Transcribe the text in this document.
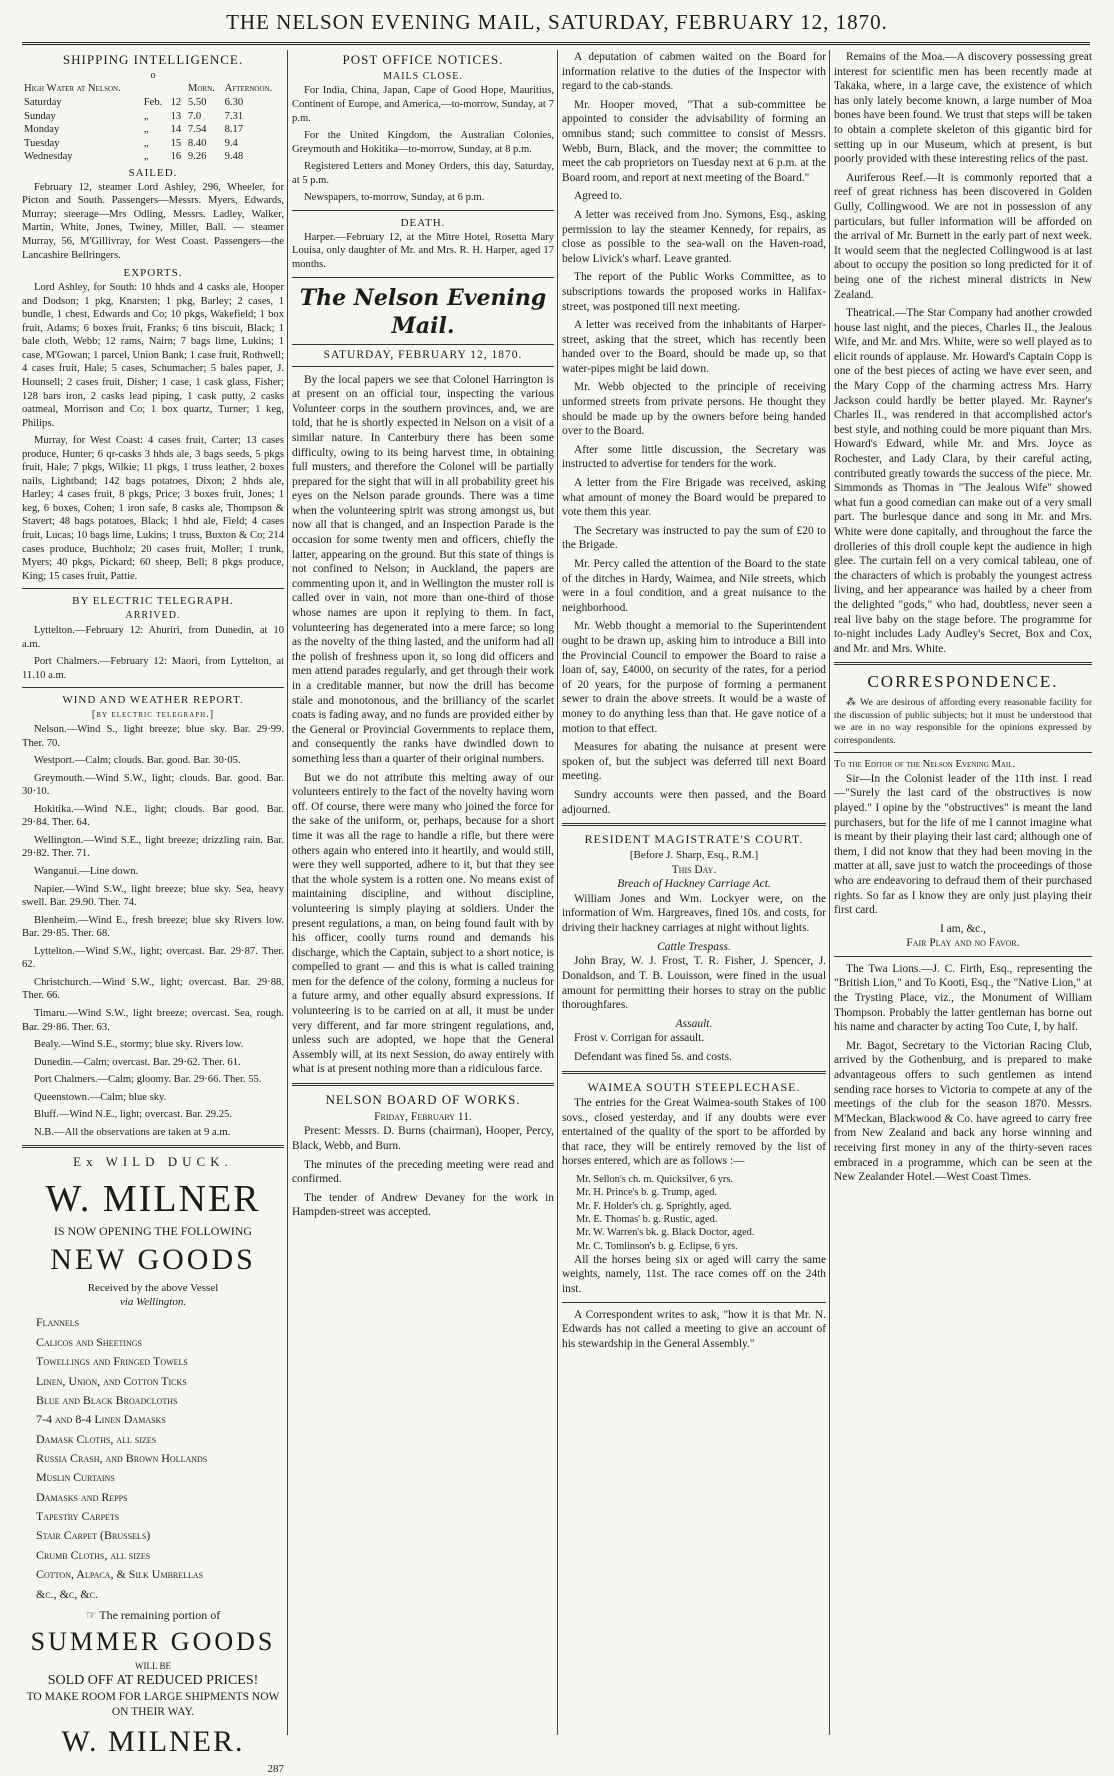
THE NELSON EVENING MAIL, SATURDAY, FEBRUARY 12, 1870.
SHIPPING INTELLIGENCE.
o
High Water at Nelson.			Morn.	Afternoon.
Saturday	Feb.	12	5.50	6.30
Sunday	„	13	7.0	7.31
Monday	„	14	7.54	8.17
Tuesday	„	15	8.40	9.4
Wednesday	„	16	9.26	9.48
SAILED.

February 12, steamer Lord Ashley, 296, Wheeler, for Picton and South. Passengers—Messrs. Myers, Edwards, Murray; steerage—Mrs Odling, Messrs. Ladley, Walker, Martin, White, Jones, Twiney, Miller, Ball. — steamer Murray, 56, M'Gillivray, for West Coast. Passengers—the Lancashire Bellringers.

EXPORTS.

Lord Ashley, for South: 10 hhds and 4 casks ale, Hooper and Dodson; 1 pkg, Knarsten; 1 pkg, Barley; 2 cases, 1 bundle, 1 chest, Edwards and Co; 10 pkgs, Wakefield; 1 box fruit, Adams; 6 boxes fruit, Franks; 6 tins biscuit, Black; 1 bale cloth, Webb; 12 rams, Nairn; 7 bags lime, Lukins; 1 case, M'Gowan; 1 parcel, Union Bank; 1 case fruit, Rothwell; 4 cases fruit, Hale; 5 cases, Schumacher; 5 bales paper, J. Hounsell; 2 cases fruit, Disher; 1 case, 1 cask glass, Fisher; 128 bars iron, 2 casks lead piping, 1 cask putty, 2 casks oatmeal, Morrison and Co; 1 box quartz, Turner; 1 keg, Philips.

Murray, for West Coast: 4 cases fruit, Carter; 13 cases produce, Hunter; 6 qr-casks 3 hhds ale, 3 bags seeds, 5 pkgs fruit, Hale; 7 pkgs, Wilkie; 11 pkgs, 1 truss leather, 2 boxes nails, Lightband; 142 bags potatoes, Dixon; 2 hhds ale, Harley; 4 cases fruit, 8 pkgs, Price; 3 boxes fruit, Jones; 1 keg, 6 boxes, Cohen; 1 iron safe, 8 casks ale, Thompson & Stavert; 48 bags potatoes, Black; 1 hhd ale, Field; 4 cases fruit, Lucas; 10 bags lime, Lukins; 1 truss, Buxton & Co; 214 cases produce, Buchholz; 20 cases fruit, Moller; 1 trunk, Myers; 40 pkgs, Pickard; 60 sheep, Bell; 8 pkgs produce, King; 15 cases fruit, Pattie.

BY ELECTRIC TELEGRAPH.
ARRIVED.

Lyttelton.—February 12: Ahuriri, from Dunedin, at 10 a.m.

Port Chalmers.—February 12: Maori, from Lyttelton, at 11.10 a.m.

WIND AND WEATHER REPORT.
[by electric telegraph.]

Nelson.—Wind S., light breeze; blue sky. Bar. 29·99. Ther. 70.

Westport.—Calm; clouds. Bar. good. Bar. 30·05.

Greymouth.—Wind S.W., light; clouds. Bar. good. Bar. 30·10.

Hokitika.—Wind N.E., light; clouds. Bar good. Bar. 29·84. Ther. 64.

Wellington.—Wind S.E., light breeze; drizzling rain. Bar. 29·82. Ther. 71.

Wanganui.—Line down.

Napier.—Wind S.W., light breeze; blue sky. Sea, heavy swell. Bar. 29.90. Ther. 74.

Blenheim.—Wind E., fresh breeze; blue sky Rivers low. Bar. 29·85. Ther. 68.

Lyttelton.—Wind S.W., light; overcast. Bar. 29·87. Ther. 62.

Christchurch.—Wind S.W., light; overcast. Bar. 29·88. Ther. 66.

Timaru.—Wind S.W., light breeze; overcast. Sea, rough. Bar. 29·86. Ther. 63.

Bealy.—Wind S.E., stormy; blue sky. Rivers low.

Dunedin.—Calm; overcast. Bar. 29·62. Ther. 61.

Port Chalmers.—Calm; gloomy. Bar. 29·66. Ther. 55.

Queenstown.—Calm; blue sky.

Bluff.—Wind N.E., light; overcast. Bar. 29.25.

N.B.—All the observations are taken at 9 a.m.

Ex WILD DUCK.
W. MILNER
IS NOW OPENING THE FOLLOWING
NEW GOODS
Received by the above Vessel
via Wellington.
Flannels
Calicos and Sheetings
Towellings and Fringed Towels
Linen, Union, and Cotton Ticks
Blue and Black Broadcloths
7-4 and 8-4 Linen Damasks
Damask Cloths, all sizes
Russia Crash, and Brown Hollands
Muslin Curtains
Damasks and Repps
Tapestry Carpets
Stair Carpet (Brussels)
Crumb Cloths, all sizes
Cotton, Alpaca, & Silk Umbrellas
&c., &c, &c.
☞ The remaining portion of
SUMMER GOODS
WILL BE
SOLD OFF AT REDUCED PRICES!
TO MAKE ROOM FOR LARGE SHIPMENTS NOW ON THEIR WAY.
W. MILNER.
287
POST OFFICE NOTICES.
MAILS CLOSE.

For India, China, Japan, Cape of Good Hope, Mauritius, Continent of Europe, and America,—to-morrow, Sunday, at 7 p.m.

For the United Kingdom, the Australian Colonies, Greymouth and Hokitika—to-morrow, Sunday, at 8 p.m.

Registered Letters and Money Orders, this day, Saturday, at 5 p.m.

Newspapers, to-morrow, Sunday, at 6 p.m.

DEATH.

Harper.—February 12, at the Mitre Hotel, Rosetta Mary Louisa, only daughter of Mr. and Mrs. R. H. Harper, aged 17 months.

The Nelson Evening Mail.
SATURDAY, FEBRUARY 12, 1870.

By the local papers we see that Colonel Harrington is at present on an official tour, inspecting the various Volunteer corps in the southern provinces, and, we are told, that he is shortly expected in Nelson on a visit of a similar nature. In Canterbury there has been some difficulty, owing to its being harvest time, in obtaining full musters, and therefore the Colonel will be partially prepared for the sight that will in all probability greet his eyes on the Nelson parade grounds. There was a time when the volunteering spirit was strong amongst us, but now all that is changed, and an Inspection Parade is the occasion for some twenty men and officers, chiefly the latter, appearing on the ground. But this state of things is not confined to Nelson; in Auckland, the papers are commenting upon it, and in Wellington the muster roll is called over in vain, not more than one-third of those whose names are upon it replying to them. In fact, volunteering has degenerated into a mere farce; so long as the novelty of the thing lasted, and the uniform had all the polish of freshness upon it, so long did officers and men attend parades regularly, and get through their work in a creditable manner, but now the drill has become stale and monotonous, and the brilliancy of the scarlet coats is fading away, and no funds are provided either by the General or Provincial Governments to replace them, and consequently the ranks have dwindled down to something less than a quarter of their original numbers.

But we do not attribute this melting away of our volunteers entirely to the fact of the novelty having worn off. Of course, there were many who joined the force for the sake of the uniform, or, perhaps, because for a short time it was all the rage to handle a rifle, but there were others again who entered into it heartily, and would still, were they well supported, adhere to it, but that they see that the whole system is a rotten one. No means exist of maintaining discipline, and without discipline, volunteering is simply playing at soldiers. Under the present regulations, a man, on being found fault with by his officer, coolly turns round and demands his discharge, which the Captain, subject to a short notice, is compelled to grant — and this is what is called training men for the defence of the colony, forming a nucleus for a future army, and other equally absurd expressions. If volunteering is to be carried on at all, it must be under very different, and far more stringent regulations, and, unless such are adopted, we hope that the General Assembly will, at its next Session, do away entirely with what is at present nothing more than a ridiculous farce.

NELSON BOARD OF WORKS.
Friday, February 11.

Present: Messrs. D. Burns (chairman), Hooper, Percy, Black, Webb, and Burn.

The minutes of the preceding meeting were read and confirmed.

The tender of Andrew Devaney for the work in Hampden-street was accepted.

A deputation of cabmen waited on the Board for information relative to the duties of the Inspector with regard to the cab-stands.

Mr. Hooper moved, "That a sub-committee be appointed to consider the advisability of forming an omnibus stand; such committee to consist of Messrs. Webb, Burn, Black, and the mover; the committee to meet the cab proprietors on Tuesday next at 6 p.m. at the Board room, and report at next meeting of the Board."

Agreed to.

A letter was received from Jno. Symons, Esq., asking permission to lay the steamer Kennedy, for repairs, as close as possible to the sea-wall on the Haven-road, below Livick's wharf. Leave granted.

The report of the Public Works Committee, as to subscriptions towards the proposed works in Halifax-street, was postponed till next meeting.

A letter was received from the inhabitants of Harper-street, asking that the street, which has recently been handed over to the Board, should be made up, so that water-pipes might be laid down.

Mr. Webb objected to the principle of receiving unformed streets from private persons. He thought they should be made up by the owners before being handed over to the Board.

After some little discussion, the Secretary was instructed to advertise for tenders for the work.

A letter from the Fire Brigade was received, asking what amount of money the Board would be prepared to vote them this year.

The Secretary was instructed to pay the sum of £20 to the Brigade.

Mr. Percy called the attention of the Board to the state of the ditches in Hardy, Waimea, and Nile streets, which were in a foul condition, and a great nuisance to the neighborhood.

Mr. Webb thought a memorial to the Superintendent ought to be drawn up, asking him to introduce a Bill into the Provincial Council to empower the Board to raise a loan of, say, £4000, on security of the rates, for a period of 20 years, for the purpose of forming a permanent sewer to drain the above streets. It would be a waste of money to do anything less than that. He gave notice of a motion to that effect.

Measures for abating the nuisance at present were spoken of, but the subject was deferred till next Board meeting.

Sundry accounts were then passed, and the Board adjourned.

RESIDENT MAGISTRATE'S COURT.
[Before J. Sharp, Esq., R.M.]
This Day.
Breach of Hackney Carriage Act.

William Jones and Wm. Lockyer were, on the information of Wm. Hargreaves, fined 10s. and costs, for driving their hackney carriages at night without lights.

Cattle Trespass.

John Bray, W. J. Frost, T. R. Fisher, J. Spencer, J. Donaldson, and T. B. Louisson, were fined in the usual amount for permitting their horses to stray on the public thoroughfares.

Assault.

Frost v. Corrigan for assault.

Defendant was fined 5s. and costs.

WAIMEA SOUTH STEEPLECHASE.

The entries for the Great Waimea-south Stakes of 100 sovs., closed yesterday, and if any doubts were ever entertained of the quality of the sport to be afforded by that race, they will be entirely removed by the list of horses entered, which are as follows :—

Mr. Sellon's ch. m. Quicksilver, 6 yrs.
Mr. H. Prince's b. g. Trump, aged.
Mr. F. Holder's ch. g. Sprightly, aged.
Mr. E. Thomas' b. g. Rustic, aged.
Mr. W. Warren's bk. g. Black Doctor, aged.
Mr. C. Tomlinson's b. g. Eclipse, 6 yrs.

All the horses being six or aged will carry the same weights, namely, 11st. The race comes off on the 24th inst.

A Correspondent writes to ask, "how it is that Mr. N. Edwards has not called a meeting to give an account of his stewardship in the General Assembly."

Remains of the Moa.—A discovery possessing great interest for scientific men has been recently made at Takaka, where, in a large cave, the existence of which has only lately become known, a large number of Moa bones have been found. We trust that steps will be taken to obtain a complete skeleton of this gigantic bird for setting up in our Museum, which at present, is but poorly provided with these interesting relics of the past.

Auriferous Reef.—It is commonly reported that a reef of great richness has been discovered in Golden Gully, Collingwood. We are not in possession of any particulars, but fuller information will be afforded on the arrival of Mr. Burnett in the early part of next week. It would seem that the neglected Collingwood is at last about to occupy the position so long predicted for it of being one of the richest mineral districts in New Zealand.

Theatrical.—The Star Company had another crowded house last night, and the pieces, Charles II., the Jealous Wife, and Mr. and Mrs. White, were so well played as to elicit rounds of applause. Mr. Howard's Captain Copp is one of the best pieces of acting we have ever seen, and the Mary Copp of the charming actress Mrs. Harry Jackson could hardly be better played. Mr. Rayner's Charles II., was rendered in that accomplished actor's best style, and nothing could be more piquant than Mrs. Howard's Edward, while Mr. and Mrs. Joyce as Rochester, and Lady Clara, by their careful acting, contributed greatly towards the success of the piece. Mr. Simmonds as Thomas in "The Jealous Wife" showed what fun a good comedian can make out of a very small part. The burlesque dance and song in Mr. and Mrs. White were done capitally, and throughout the farce the drolleries of this droll couple kept the audience in high glee. The curtain fell on a very comical tableau, one of the characters of which is probably the youngest actress living, and her appearance was hailed by a cheer from the delighted "gods," who had, doubtless, never seen a real live baby on the stage before. The programme for to-night includes Lady Audley's Secret, Box and Cox, and Mr. and Mrs. White.

CORRESPONDENCE.

⁂ We are desirous of affording every reasonable facility for the discussion of public subjects; but it must be understood that we are in no way responsible for the opinions expressed by correspondents.

To the Editor of the Nelson Evening Mail.

Sir—In the Colonist leader of the 11th inst. I read—"Surely the last card of the obstructives is now played." I opine by the "obstructives" is meant the land purchasers, but for the life of me I cannot imagine what is meant by their playing their last card; although one of them, I did not know that they had been moving in the matter at all, save just to watch the proceedings of those who are endeavoring to defraud them of their purchased rights. So far as I know they are only just playing their first card.

I am, &c.,
Fair Play and no Favor.

The Twa Lions.—J. C. Firth, Esq., representing the "British Lion," and To Kooti, Esq., the "Native Lion," at the Trysting Place, viz., the Monument of William Thompson. Probably the latter gentleman has borne out his name and character by acting Too Cute, I, by half.

Mr. Bagot, Secretary to the Victorian Racing Club, arrived by the Gothenburg, and is prepared to make advantageous offers to such gentlemen as intend sending race horses to Victoria to compete at any of the meetings of the club for the season 1870. Messrs. M'Meckan, Blackwood & Co. have agreed to carry free from New Zealand and back any horse winning and receiving first money in any of the thirty-seven races embraced in a programme, which can be seen at the New Zealander Hotel.—West Coast Times.
